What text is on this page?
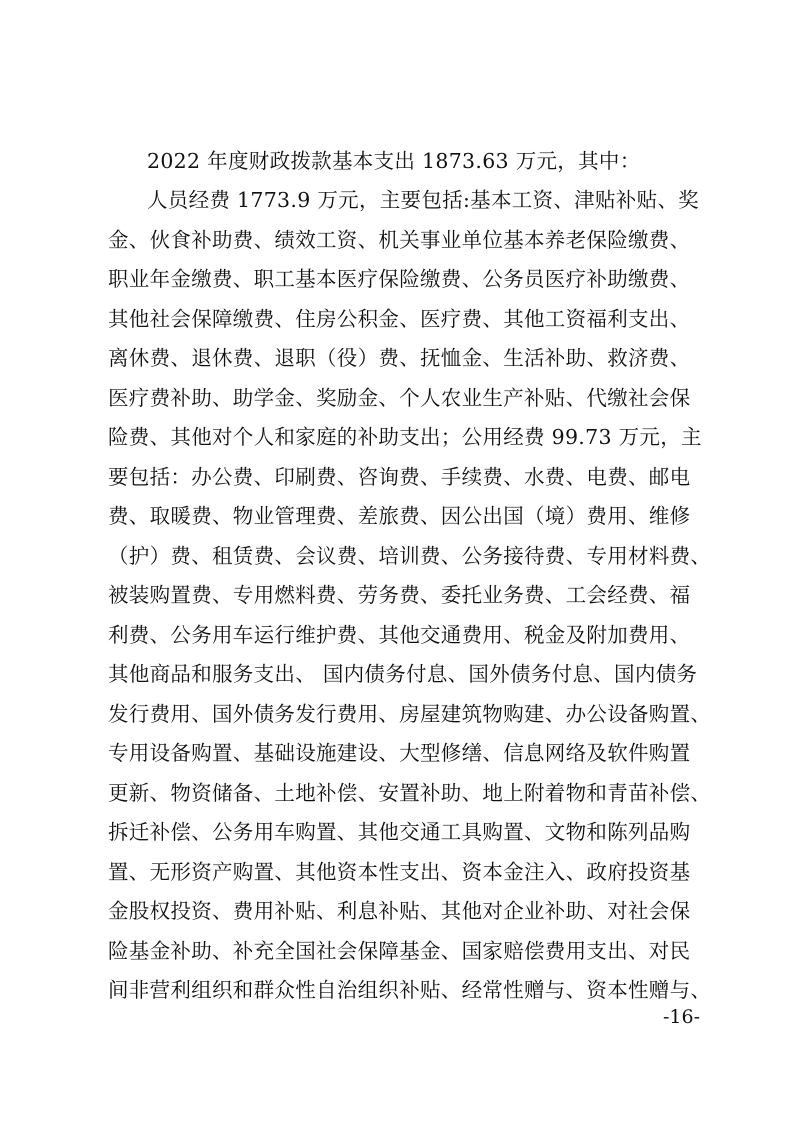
2022 年度财政拨款基本支出 1873.63 万元，其中：
人员经费 1773.9 万元，主要包括:基本工资、津贴补贴、奖
金、伙食补助费、绩效工资、机关事业单位基本养老保险缴费、
职业年金缴费、职工基本医疗保险缴费、公务员医疗补助缴费、
其他社会保障缴费、住房公积金、医疗费、其他工资福利支出、
离休费、退休费、退职（役）费、抚恤金、生活补助、救济费、
医疗费补助、助学金、奖励金、个人农业生产补贴、代缴社会保
险费、其他对个人和家庭的补助支出；公用经费 99.73 万元，主
要包括：办公费、印刷费、咨询费、手续费、水费、电费、邮电
费、取暖费、物业管理费、差旅费、因公出国（境）费用、维修
（护）费、租赁费、会议费、培训费、公务接待费、专用材料费、
被装购置费、专用燃料费、劳务费、委托业务费、工会经费、福
利费、公务用车运行维护费、其他交通费用、税金及附加费用、
其他商品和服务支出、 国内债务付息、国外债务付息、国内债务
发行费用、国外债务发行费用、房屋建筑物购建、办公设备购置、
专用设备购置、基础设施建设、大型修缮、信息网络及软件购置
更新、物资储备、土地补偿、安置补助、地上附着物和青苗补偿、
拆迁补偿、公务用车购置、其他交通工具购置、文物和陈列品购
置、无形资产购置、其他资本性支出、资本金注入、政府投资基
金股权投资、费用补贴、利息补贴、其他对企业补助、对社会保
险基金补助、补充全国社会保障基金、国家赔偿费用支出、对民
间非营利组织和群众性自治组织补贴、经常性赠与、资本性赠与、
-16-
